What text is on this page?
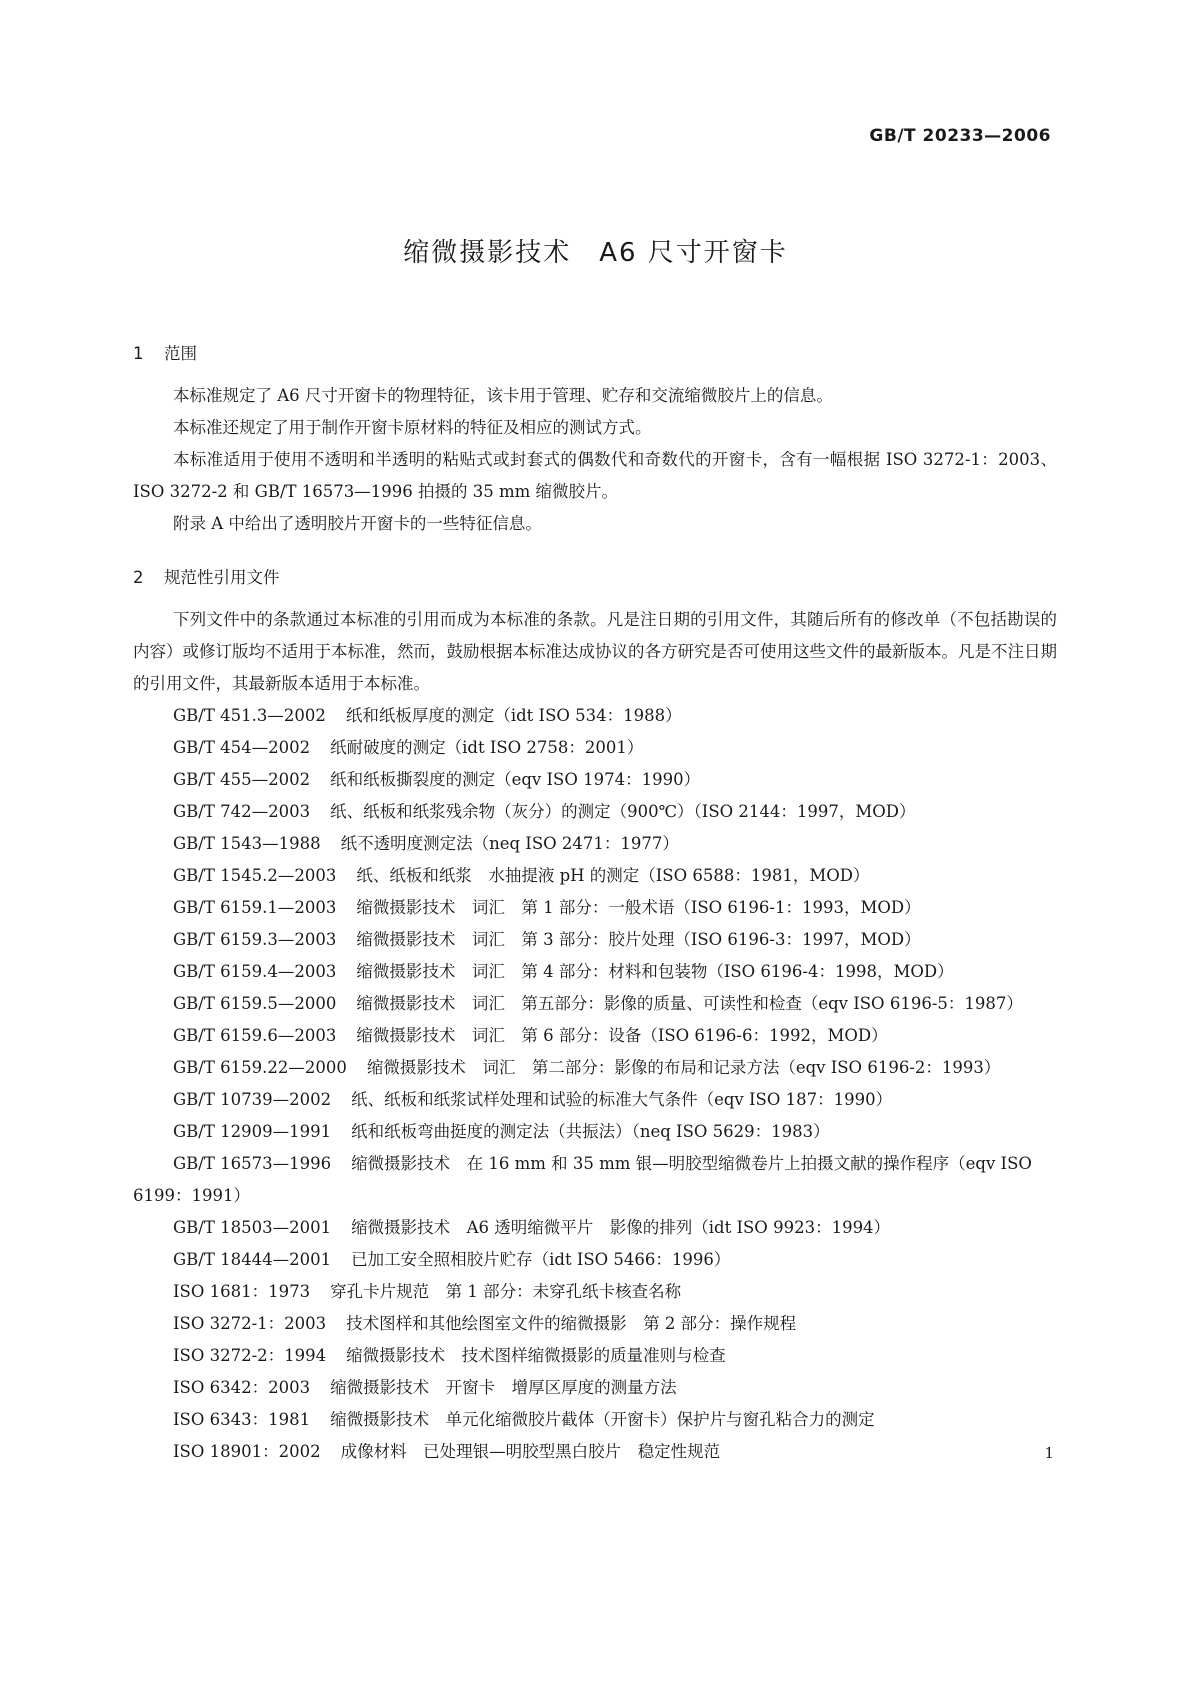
GB/T 20233—2006

缩微摄影技术　A6 尺寸开窗卡
1 范围

本标准规定了 A6 尺寸开窗卡的物理特征，该卡用于管理、贮存和交流缩微胶片上的信息。

本标准还规定了用于制作开窗卡原材料的特征及相应的测试方式。

本标准适用于使用不透明和半透明的粘贴式或封套式的偶数代和奇数代的开窗卡，含有一幅根据 ISO 3272-1：2003、ISO 3272-2 和 GB/T 16573—1996 拍摄的 35 mm 缩微胶片。

附录 A 中给出了透明胶片开窗卡的一些特征信息。

2 规范性引用文件

下列文件中的条款通过本标准的引用而成为本标准的条款。凡是注日期的引用文件，其随后所有的修改单（不包括勘误的内容）或修订版均不适用于本标准，然而，鼓励根据本标准达成协议的各方研究是否可使用这些文件的最新版本。凡是不注日期的引用文件，其最新版本适用于本标准。

GB/T 451.3—2002 纸和纸板厚度的测定（idt ISO 534：1988）
GB/T 454—2002 纸耐破度的测定（idt ISO 2758：2001）
GB/T 455—2002 纸和纸板撕裂度的测定（eqv ISO 1974：1990）
GB/T 742—2003 纸、纸板和纸浆残余物（灰分）的测定（900℃）（ISO 2144：1997，MOD）
GB/T 1543—1988 纸不透明度测定法（neq ISO 2471：1977）
GB/T 1545.2—2003 纸、纸板和纸浆　水抽提液 pH 的测定（ISO 6588：1981，MOD）
GB/T 6159.1—2003 缩微摄影技术　词汇　第 1 部分：一般术语（ISO 6196-1：1993，MOD）
GB/T 6159.3—2003 缩微摄影技术　词汇　第 3 部分：胶片处理（ISO 6196-3：1997，MOD）
GB/T 6159.4—2003 缩微摄影技术　词汇　第 4 部分：材料和包装物（ISO 6196-4：1998，MOD）
GB/T 6159.5—2000 缩微摄影技术　词汇　第五部分：影像的质量、可读性和检查（eqv ISO 6196-5：1987）
GB/T 6159.6—2003 缩微摄影技术　词汇　第 6 部分：设备（ISO 6196-6：1992，MOD）
GB/T 6159.22—2000 缩微摄影技术　词汇　第二部分：影像的布局和记录方法（eqv ISO 6196-2：1993）
GB/T 10739—2002 纸、纸板和纸浆试样处理和试验的标准大气条件（eqv ISO 187：1990）
GB/T 12909—1991 纸和纸板弯曲挺度的测定法（共振法）（neq ISO 5629：1983）
GB/T 16573—1996 缩微摄影技术　在 16 mm 和 35 mm 银—明胶型缩微卷片上拍摄文献的操作程序（eqv ISO 6199：1991）
GB/T 18503—2001 缩微摄影技术　A6 透明缩微平片　影像的排列（idt ISO 9923：1994）
GB/T 18444—2001 已加工安全照相胶片贮存（idt ISO 5466：1996）
ISO 1681：1973 穿孔卡片规范　第 1 部分：未穿孔纸卡核查名称
ISO 3272-1：2003 技术图样和其他绘图室文件的缩微摄影　第 2 部分：操作规程
ISO 3272-2：1994 缩微摄影技术　技术图样缩微摄影的质量准则与检查
ISO 6342：2003 缩微摄影技术　开窗卡　增厚区厚度的测量方法
ISO 6343：1981 缩微摄影技术　单元化缩微胶片截体（开窗卡）保护片与窗孔粘合力的测定
ISO 18901：2002 成像材料　已处理银—明胶型黑白胶片　稳定性规范	1
